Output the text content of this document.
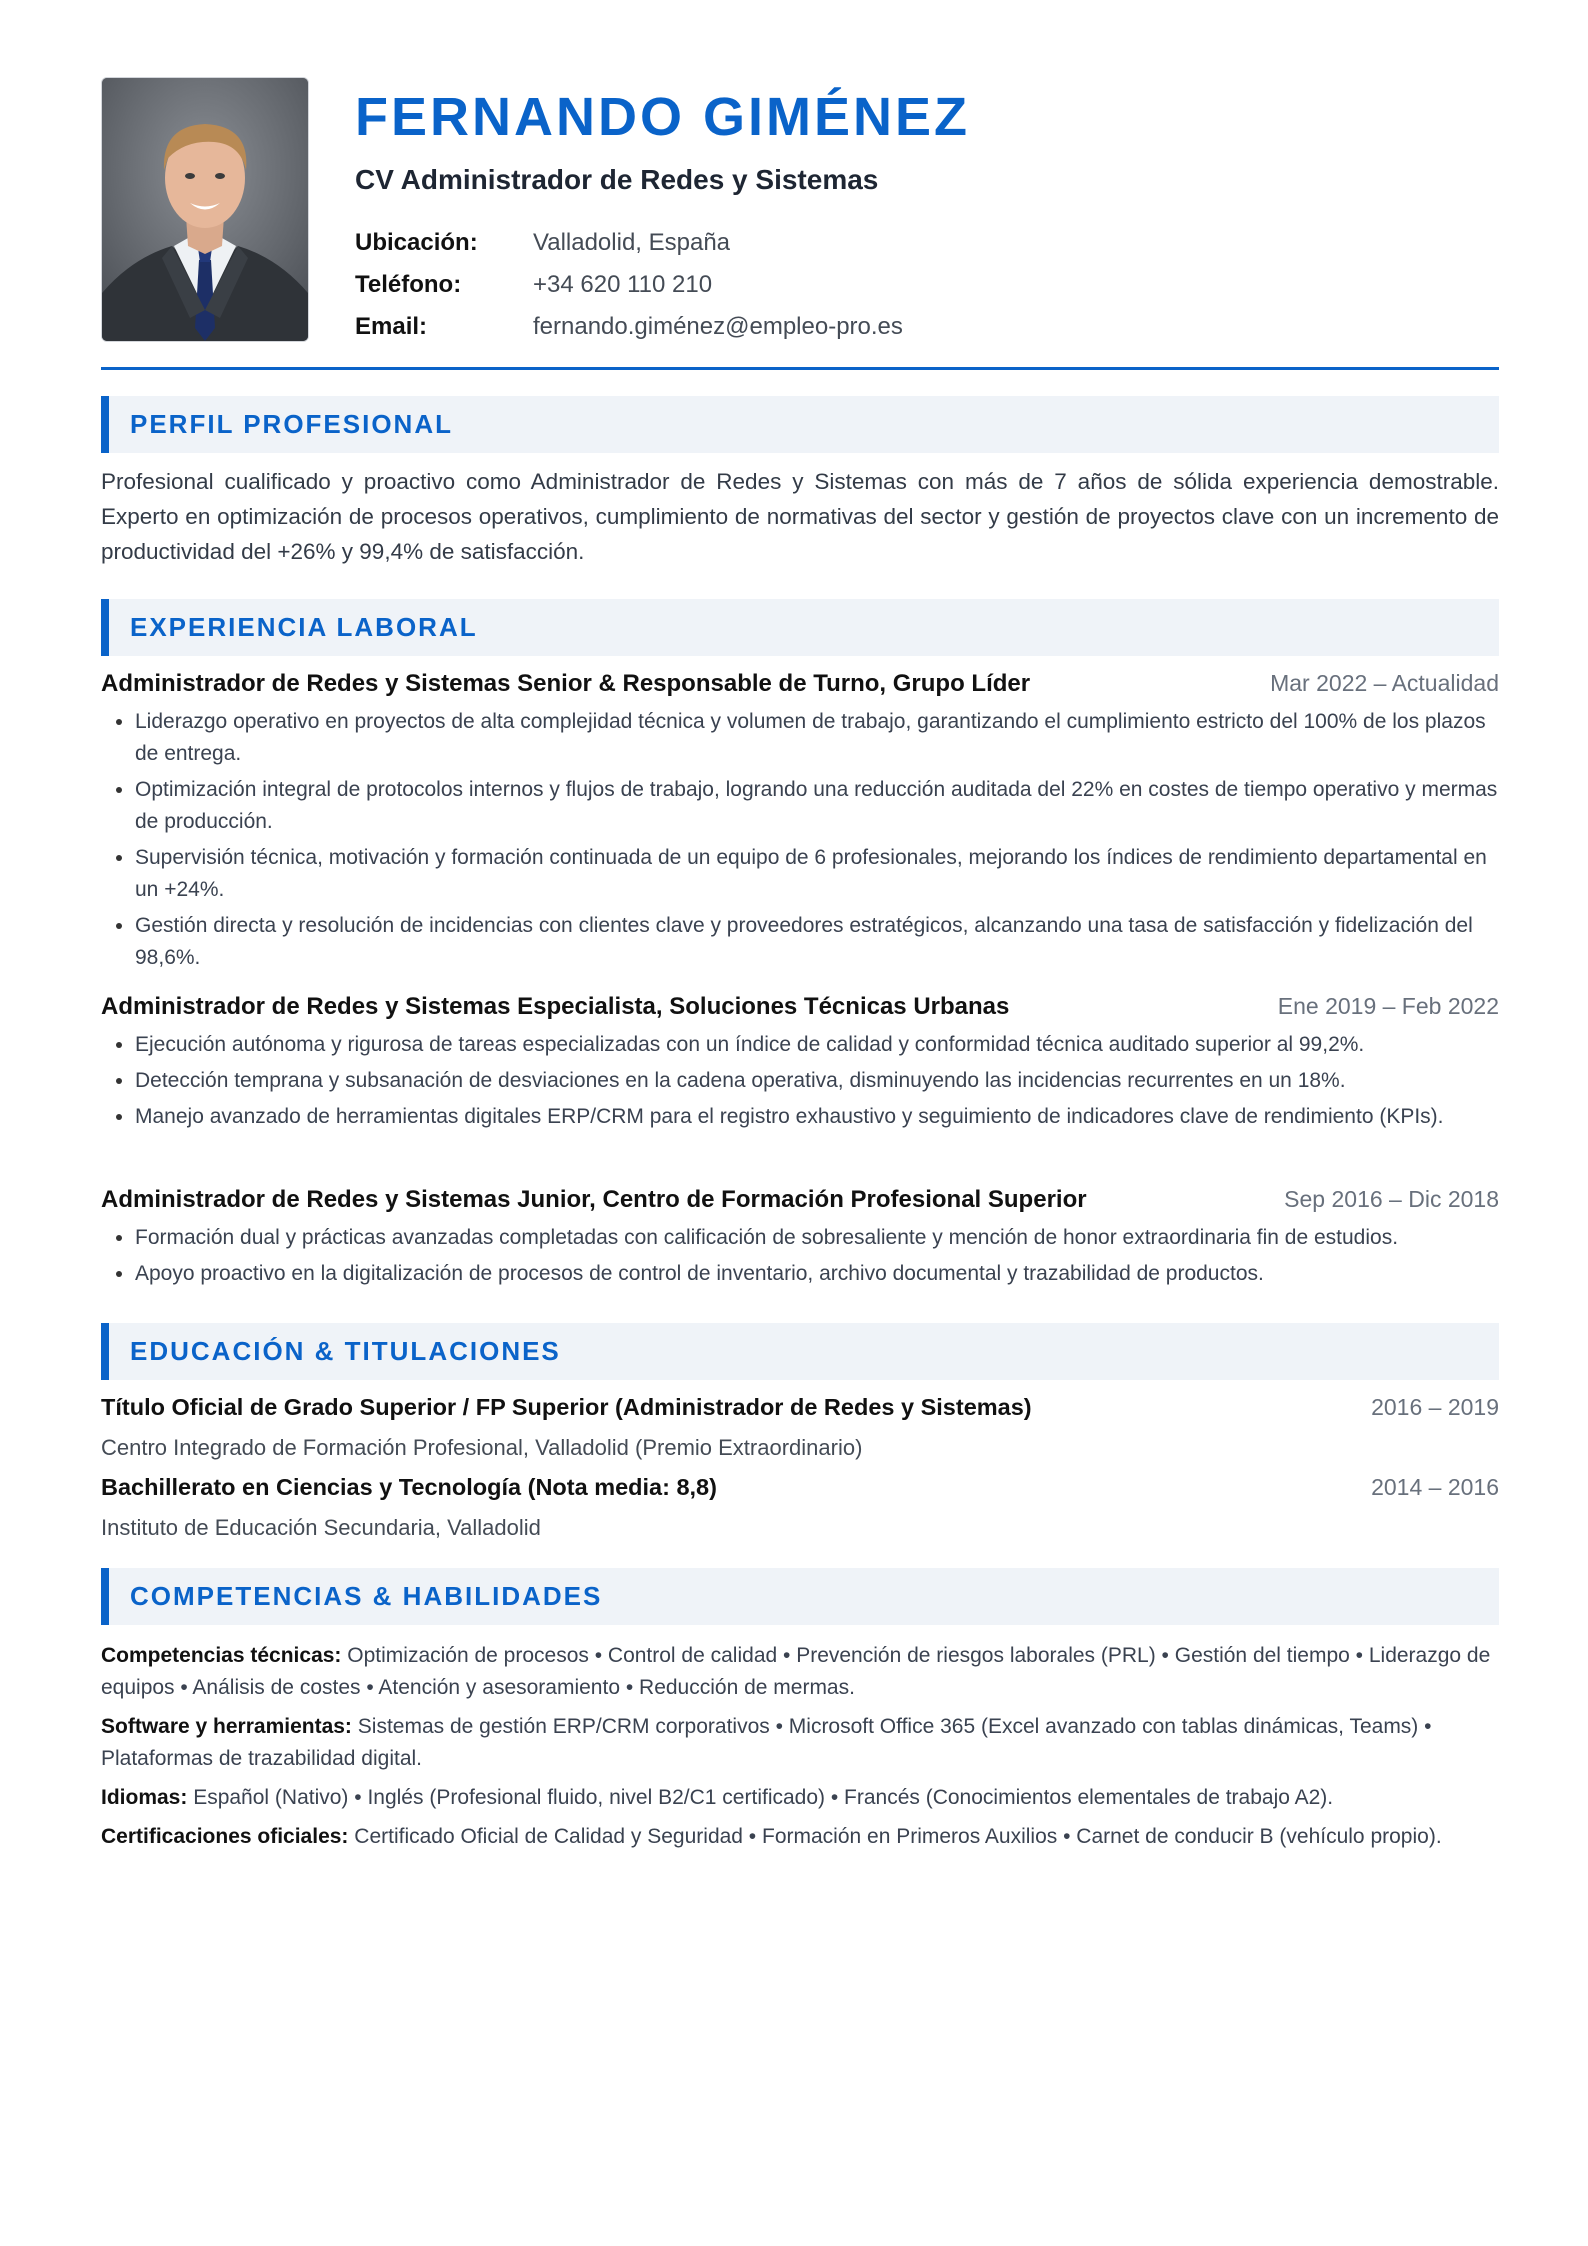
FERNANDO GIMÉNEZ
CV Administrador de Redes y Sistemas
Ubicación:	Valladolid, España
Teléfono:	+34 620 110 210
Email:	fernando.giménez@empleo-pro.es
PERFIL PROFESIONAL

Profesional cualificado y proactivo como Administrador de Redes y Sistemas con más de 7 años de sólida experiencia demostrable. Experto en optimización de procesos operativos, cumplimiento de normativas del sector y gestión de proyectos clave con un incremento de productividad del +26% y 99,4% de satisfacción.

EXPERIENCIA LABORAL
Administrador de Redes y Sistemas Senior & Responsable de Turno, Grupo Líder	Mar 2022 – Actualidad
• Liderazgo operativo en proyectos de alta complejidad técnica y volumen de trabajo, garantizando el cumplimiento estricto del 100% de los plazos de entrega.
• Optimización integral de protocolos internos y flujos de trabajo, logrando una reducción auditada del 22% en costes de tiempo operativo y mermas de producción.
• Supervisión técnica, motivación y formación continuada de un equipo de 6 profesionales, mejorando los índices de rendimiento departamental en un +24%.
• Gestión directa y resolución de incidencias con clientes clave y proveedores estratégicos, alcanzando una tasa de satisfacción y fidelización del 98,6%.
Administrador de Redes y Sistemas Especialista, Soluciones Técnicas Urbanas	Ene 2019 – Feb 2022
• Ejecución autónoma y rigurosa de tareas especializadas con un índice de calidad y conformidad técnica auditado superior al 99,2%.
• Detección temprana y subsanación de desviaciones en la cadena operativa, disminuyendo las incidencias recurrentes en un 18%.
• Manejo avanzado de herramientas digitales ERP/CRM para el registro exhaustivo y seguimiento de indicadores clave de rendimiento (KPIs).
Administrador de Redes y Sistemas Junior, Centro de Formación Profesional Superior	Sep 2016 – Dic 2018
• Formación dual y prácticas avanzadas completadas con calificación de sobresaliente y mención de honor extraordinaria fin de estudios.
• Apoyo proactivo en la digitalización de procesos de control de inventario, archivo documental y trazabilidad de productos.
EDUCACIÓN & TITULACIONES
Título Oficial de Grado Superior / FP Superior (Administrador de Redes y Sistemas)	2016 – 2019
Centro Integrado de Formación Profesional, Valladolid (Premio Extraordinario)
Bachillerato en Ciencias y Tecnología (Nota media: 8,8)	2014 – 2016
Instituto de Educación Secundaria, Valladolid
COMPETENCIAS & HABILIDADES
Competencias técnicas: Optimización de procesos • Control de calidad • Prevención de riesgos laborales (PRL) • Gestión del tiempo • Liderazgo de equipos • Análisis de costes • Atención y asesoramiento • Reducción de mermas.
Software y herramientas: Sistemas de gestión ERP/CRM corporativos • Microsoft Office 365 (Excel avanzado con tablas dinámicas, Teams) • Plataformas de trazabilidad digital.
Idiomas: Español (Nativo) • Inglés (Profesional fluido, nivel B2/C1 certificado) • Francés (Conocimientos elementales de trabajo A2).
Certificaciones oficiales: Certificado Oficial de Calidad y Seguridad • Formación en Primeros Auxilios • Carnet de conducir B (vehículo propio).
